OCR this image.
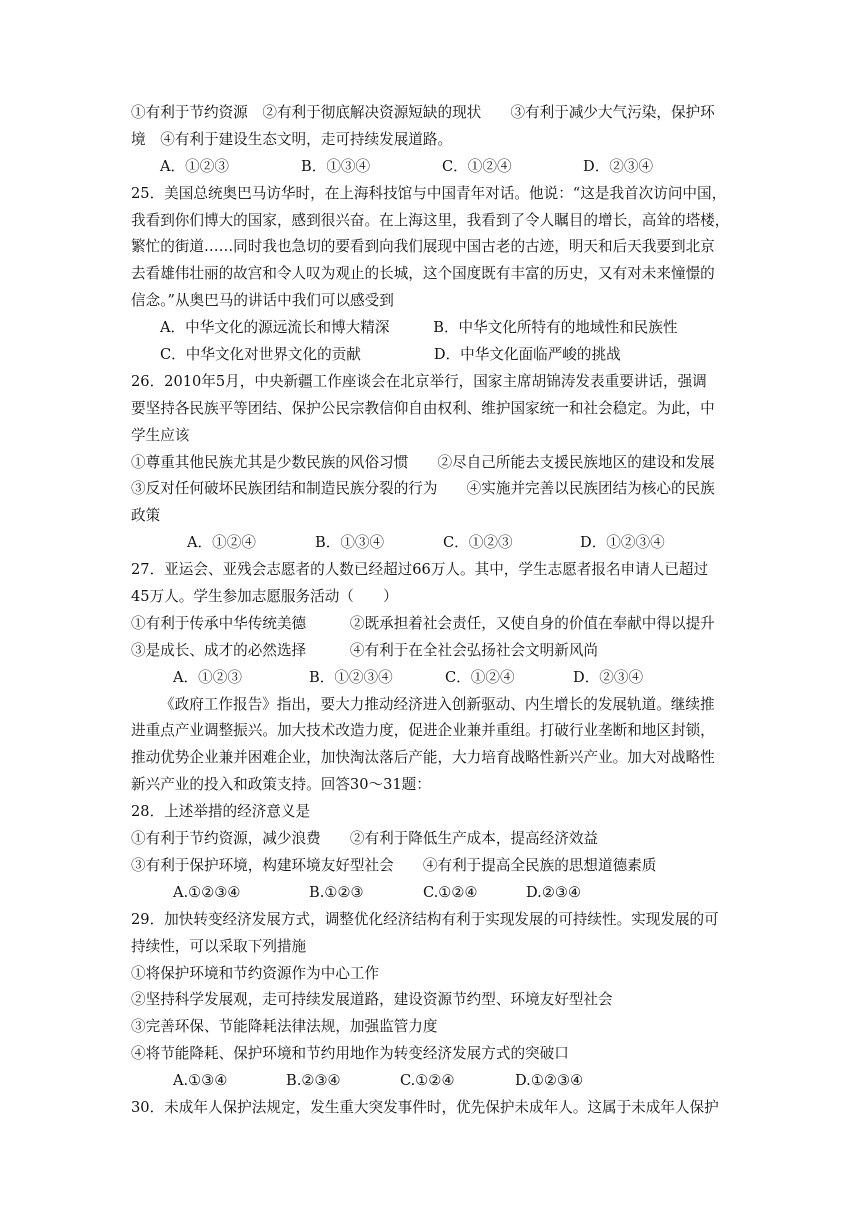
①有利于节约资源　②有利于彻底解决资源短缺的现状　　③有利于减少大气污染，保护环
境　④有利于建设生态文明，走可持续发展道路。
A．①②③	B．①③④	C．①②④	D．②③④
25．美国总统奥巴马访华时，在上海科技馆与中国青年对话。他说：“这是我首次访问中国，
我看到你们博大的国家，感到很兴奋。在上海这里，我看到了令人瞩目的增长，高耸的塔楼，
繁忙的街道……同时我也急切的要看到向我们展现中国古老的古迹，明天和后天我要到北京
去看雄伟壮丽的故宫和令人叹为观止的长城，这个国度既有丰富的历史，又有对未来憧憬的
信念。”从奥巴马的讲话中我们可以感受到
A．中华文化的源远流长和博大精深　　　B．中华文化所特有的地域性和民族性
C．中华文化对世界文化的贡献　　　　　D．中华文化面临严峻的挑战
26．2010年5月，中央新疆工作座谈会在北京举行，国家主席胡锦涛发表重要讲话，强调
要坚持各民族平等团结、保护公民宗教信仰自由权利、维护国家统一和社会稳定。为此，中
学生应该
①尊重其他民族尤其是少数民族的风俗习惯　　②尽自己所能去支援民族地区的建设和发展
③反对任何破坏民族团结和制造民族分裂的行为　　④实施并完善以民族团结为核心的民族
政策
A．①②④	B．①③④	C．①②③	D．①②③④
27．亚运会、亚残会志愿者的人数已经超过66万人。其中，学生志愿者报名申请人已超过
45万人。学生参加志愿服务活动（　　）
①有利于传承中华传统美德　　　②既承担着社会责任，又使自身的价值在奉献中得以提升
③是成长、成才的必然选择　　　④有利于在全社会弘扬社会文明新风尚
A．①②③	B．①②③④	C．①②④	D．②③④
《政府工作报告》指出，要大力推动经济进入创新驱动、内生增长的发展轨道。继续推
进重点产业调整振兴。加大技术改造力度，促进企业兼并重组。打破行业垄断和地区封锁，
推动优势企业兼并困难企业，加快淘汰落后产能，大力培育战略性新兴产业。加大对战略性
新兴产业的投入和政策支持。回答30～31题：
28．上述举措的经济意义是
①有利于节约资源，减少浪费　　②有利于降低生产成本，提高经济效益
③有利于保护环境，构建环境友好型社会　　④有利于提高全民族的思想道德素质
A.①②③④	B.①②③	C.①②④	D.②③④
29．加快转变经济发展方式，调整优化经济结构有利于实现发展的可持续性。实现发展的可
持续性，可以采取下列措施
①将保护环境和节约资源作为中心工作
②坚持科学发展观，走可持续发展道路，建设资源节约型、环境友好型社会
③完善环保、节能降耗法律法规，加强监管力度
④将节能降耗、保护环境和节约用地作为转变经济发展方式的突破口
A.①③④	B.②③④	C.①②④	D.①②③④
30．未成年人保护法规定，发生重大突发事件时，优先保护未成年人。这属于未成年人保护
